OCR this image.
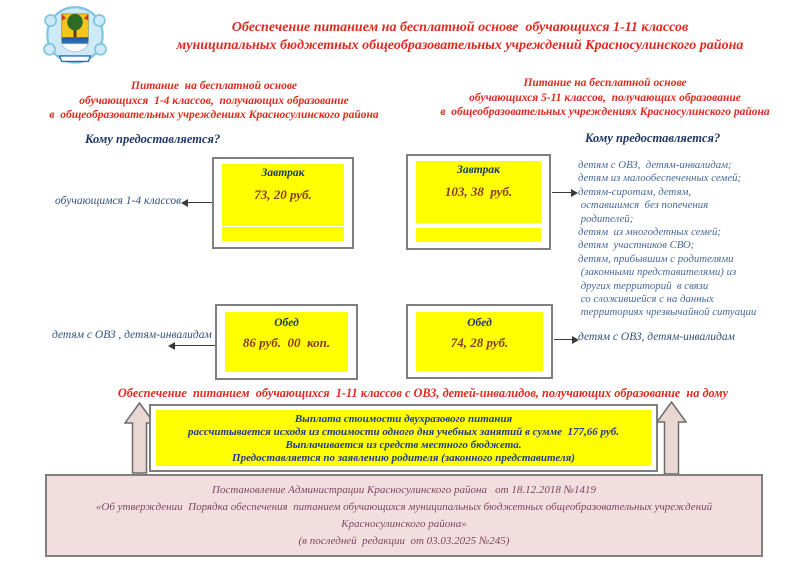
Обеспечение питанием на бесплатной основе  обучающихся 1-11 классов
муниципальных бюджетных общеобразовательных учреждений Красносулинского района
Питание  на бесплатной основе
обучающихся  1-4 классов,  получающих образование
в  общеобразовательных учреждениях Красносулинского района
Питание на бесплатной основе
обучающихся 5-11 классов,  получающих образование
в  общеобразовательных учреждениях Красносулинского района
Кому предоставляется?	Кому предоставляется?
Завтрак
73, 20 руб.
обучающимся 1-4 классов
Завтрак
103, 38  руб.
детям с ОВЗ,  детям-инвалидам;
детям из малообеспеченных семей;
детям-сиротам, детям,
оставшимся  без попечения
родителей;
детям  из многодетных семей;
детям  участников СВО;
детям, прибывшим с родителями
(законными представителями) из
других территорий  в связи
со сложившейся с на данных
территориях чрезвычайной ситуации
Обед
86 руб.  00  коп.
детям с ОВЗ , детям-инвалидам
Обед
74, 28 руб.	детям с ОВЗ, детям-инвалидам
Обеспечение  питанием  обучающихся  1-11 классов с ОВЗ, детей-инвалидов, получающих образование  на дому
Выплата стоимости двухразового питания
рассчитывается исходя из стоимости одного дня учебных занятий в сумме  177,66 руб.
Выплачивается из средств местного бюджета.
Предоставляется по заявлению родителя (законного представителя)
Постановление Администрации Красносулинского района   от 18.12.2018 №1419
«Об утверждении  Порядка обеспечения  питанием обучающихся муниципальных бюджетных общеобразовательных учреждений
Красносулинского района»
(в последней  редакции  от 03.03.2025 №245)
